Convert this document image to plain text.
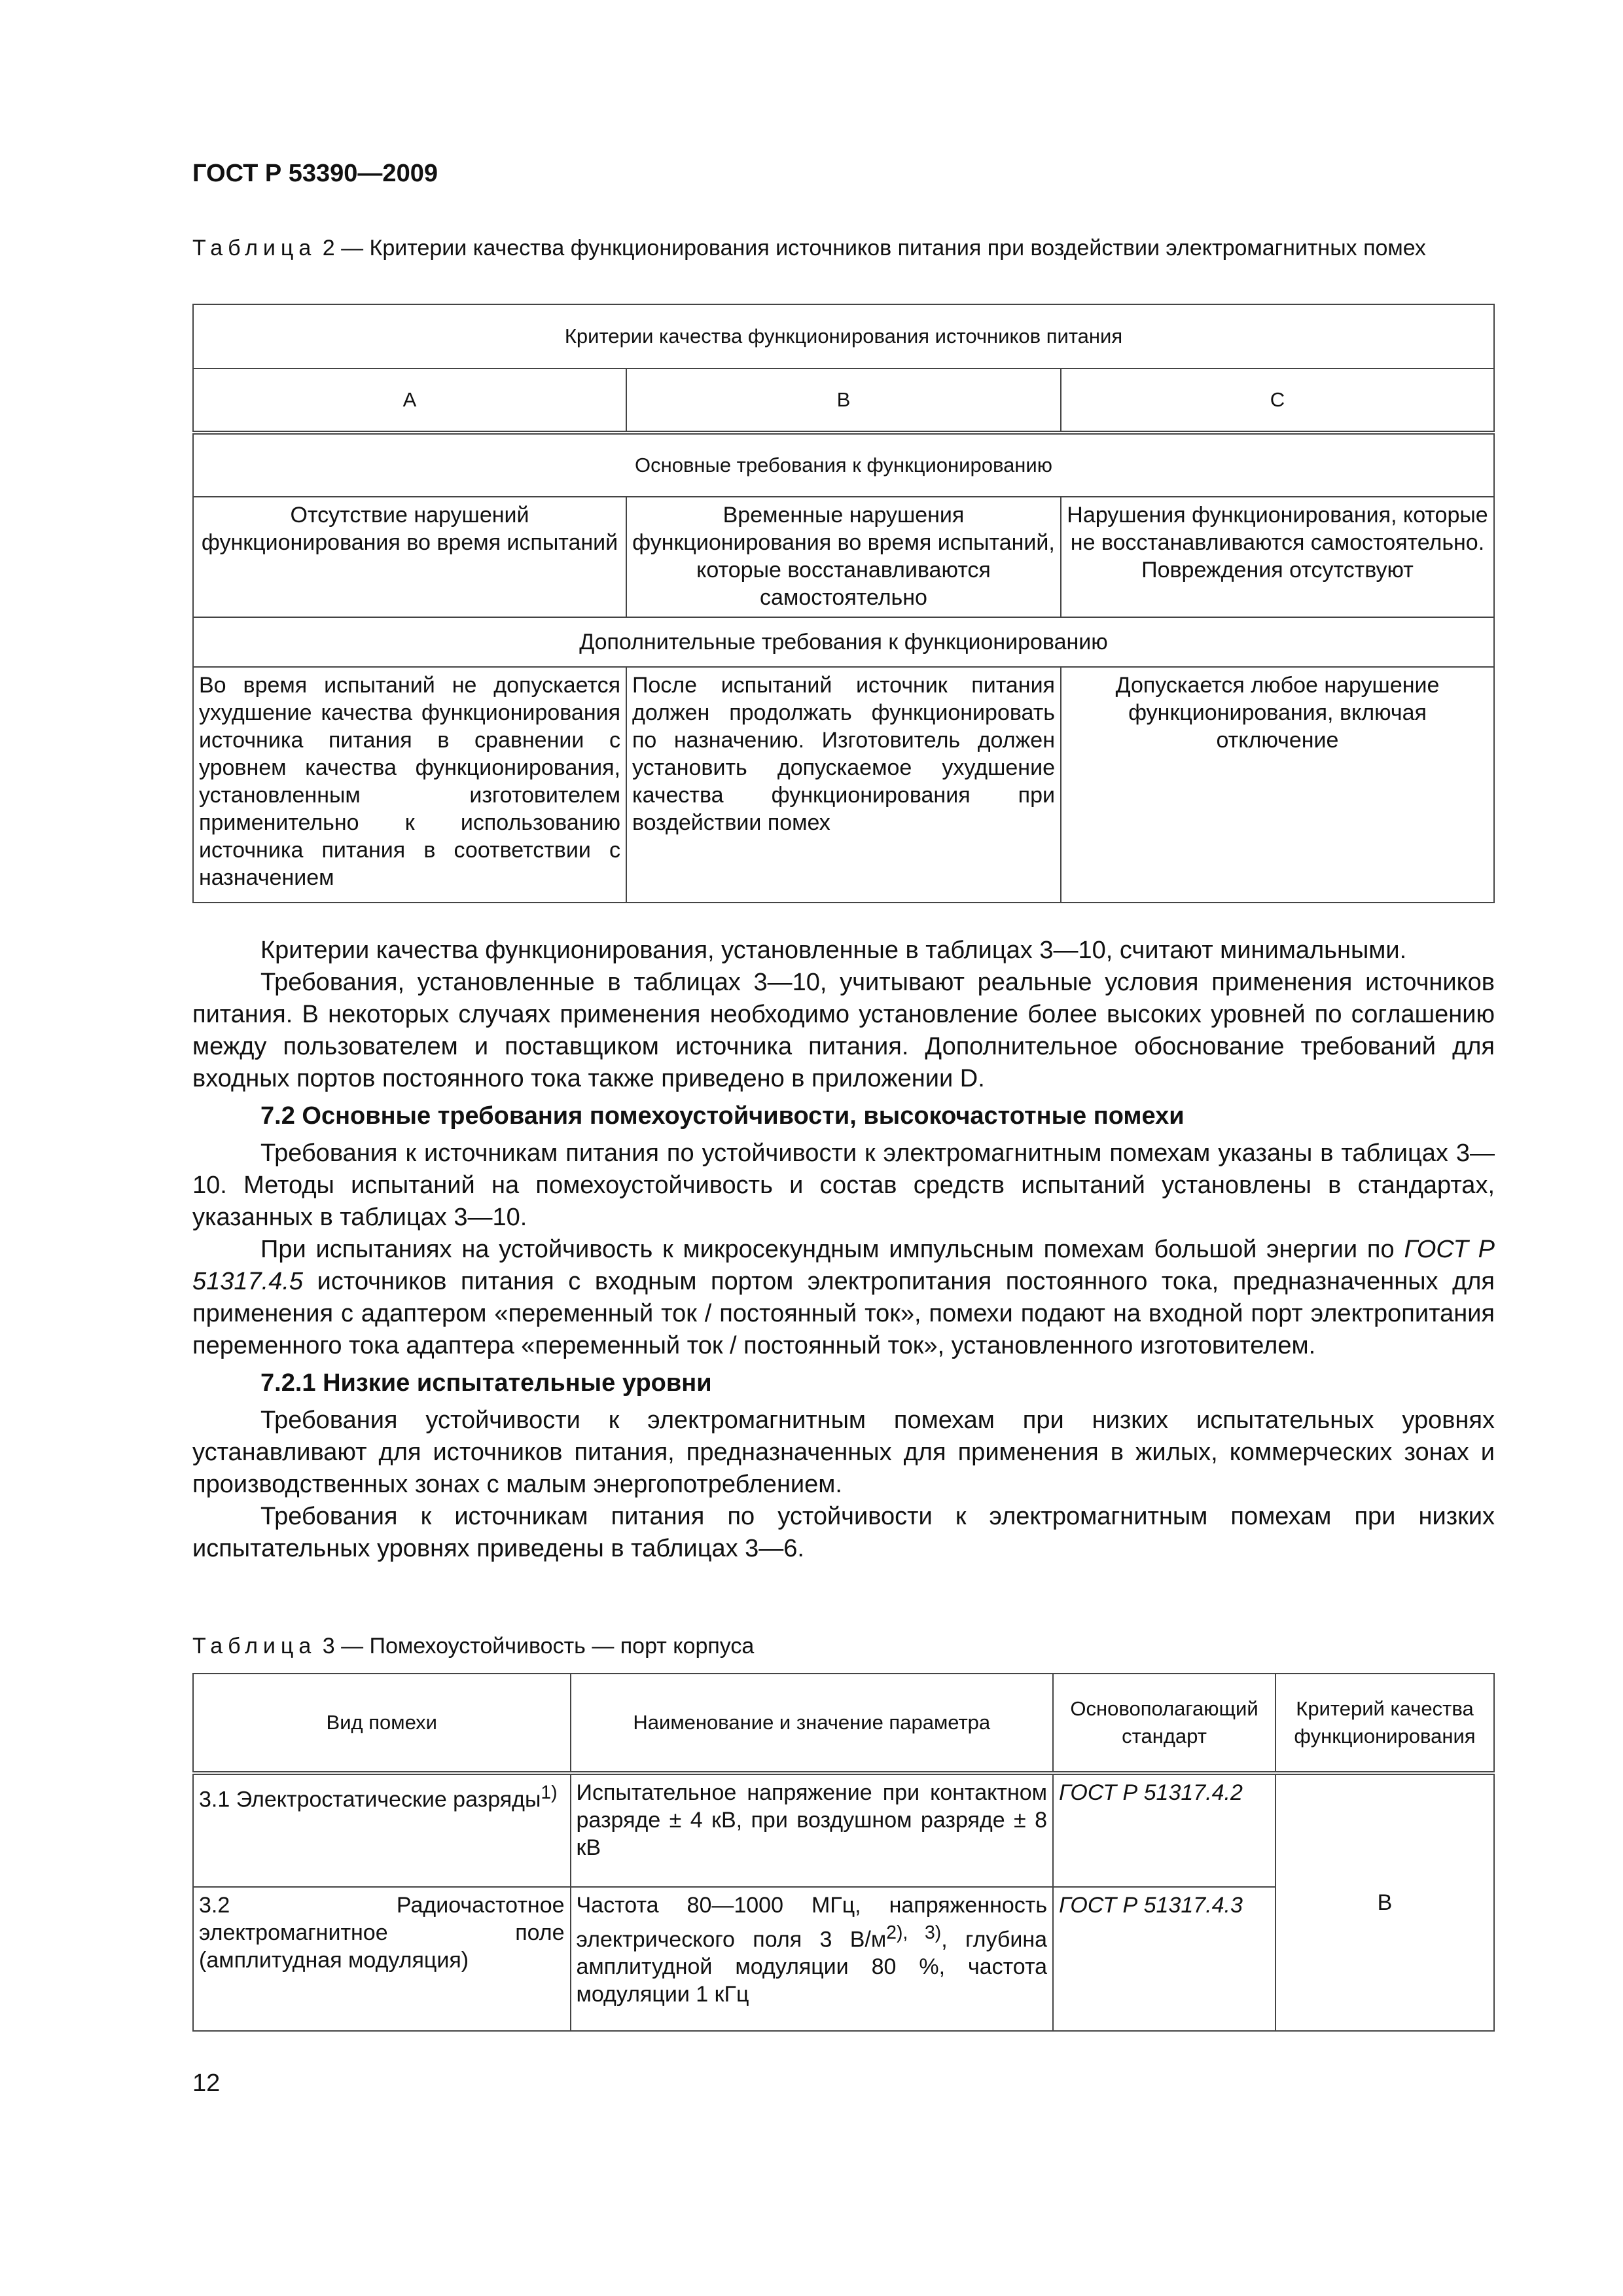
ГОСТ Р 53390—2009
Таблица 2 — Критерии качества функционирования источников питания при воздействии электромагнитных помех
Критерии качества функционирования источников питания		
A	B	C
Основные требования к функционированию		
Отсутствие нарушений функционирования во время испытаний	Временные нарушения функционирования во время испытаний, которые восстанавливаются самостоятельно	Нарушения функционирования, которые не восстанавливаются самостоятельно. Повреждения отсутствуют
Дополнительные требования к функционированию		
Во время испытаний не допускается ухудшение качества функционирования источника питания в сравнении с уровнем качества функционирования, установленным изготовителем применительно к использованию источника питания в соответствии с назначением	После испытаний источник питания должен продолжать функционировать по назначению. Изготовитель должен установить допускаемое ухудшение качества функционирования при воздействии помех	Допускается любое нарушение функционирования, включая отключение

Критерии качества функционирования, установленные в таблицах 3—10, считают минимальными.

Требования, установленные в таблицах 3—10, учитывают реальные условия применения источников питания. В некоторых случаях применения необходимо установление более высоких уровней по соглашению между пользователем и поставщиком источника питания. Дополнительное обоснование требований для входных портов постоянного тока также приведено в приложении D.

7.2 Основные требования помехоустойчивости, высокочастотные помехи

Требования к источникам питания по устойчивости к электромагнитным помехам указаны в таблицах 3—10. Методы испытаний на помехоустойчивость и состав средств испытаний установлены в стандартах, указанных в таблицах 3—10.

При испытаниях на устойчивость к микросекундным импульсным помехам большой энергии по ГОСТ Р 51317.4.5 источников питания с входным портом электропитания постоянного тока, предназначенных для применения с адаптером «переменный ток / постоянный ток», помехи подают на входной порт электропитания переменного тока адаптера «переменный ток / постоянный ток», установленного изготовителем.

7.2.1 Низкие испытательные уровни

Требования устойчивости к электромагнитным помехам при низких испытательных уровнях устанавливают для источников питания, предназначенных для применения в жилых, коммерческих зонах и производственных зонах с малым энергопотреблением.

Требования к источникам питания по устойчивости к электромагнитным помехам при низких испытательных уровнях приведены в таблицах 3—6.

Таблица 3 — Помехоустойчивость — порт корпуса
Вид помехи	Наименование и значение параметра	Основополагающий стандарт	Критерий качества функционирования
3.1 Электростатические разряды$^{1)}$	Испытательное напряжение при контактном разряде ± 4 кВ, при воздушном разряде ± 8 кВ	ГОСТ Р 51317.4.2	B
3.2 Радиочастотное электромагнитное поле (амплитудная модуляция)	Частота 80—1000 МГц, напряженность электрического поля 3 $В/м^{2), 3)}$, глубина амплитудной модуляции 80 %, частота модуляции 1 кГц	ГОСТ Р 51317.4.3	
12
